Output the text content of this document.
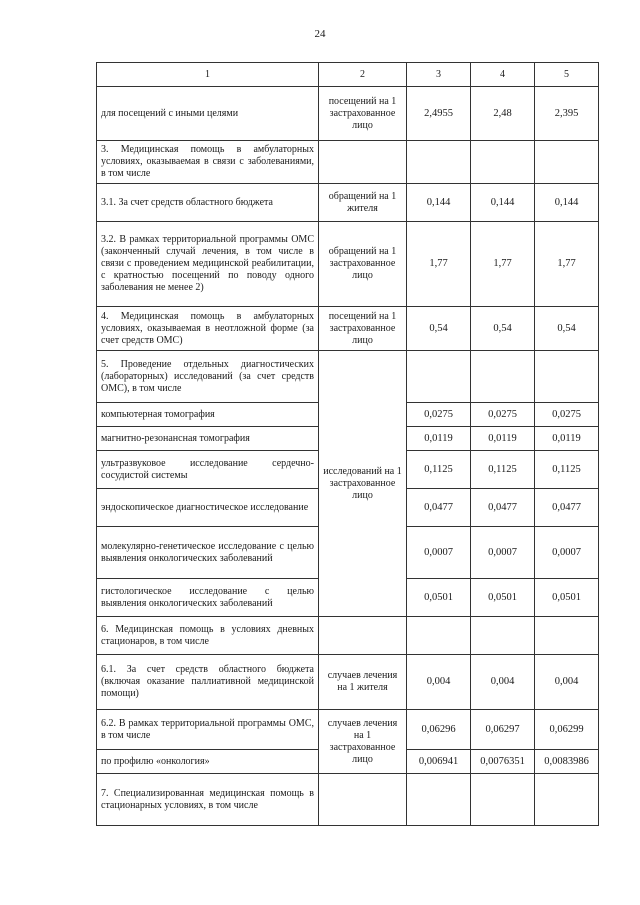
24
1	2	3	4	5
для посещений с иными целями	посещений на 1 застрахованное лицо	2,4955	2,48	2,395
3. Медицинская помощь в амбулаторных условиях, оказываемая в связи с заболеваниями, в том числе				
3.1. За счет средств областного бюджета	обращений на 1 жителя	0,144	0,144	0,144
3.2. В рамках территориальной программы ОМС (законченный случай лечения, в том числе в связи с проведением медицинской реабилитации, с кратностью посещений по поводу одного заболевания не менее 2)	обращений на 1 застрахованное лицо	1,77	1,77	1,77
4. Медицинская помощь в амбулаторных условиях, оказываемая в неотложной форме (за счет средств ОМС)	посещений на 1 застрахованное лицо	0,54	0,54	0,54
5. Проведение отдельных диагностических (лабораторных) исследований (за счет средств ОМС), в том числе	исследований на 1 застрахованное лицо			
компьютерная томография		0,0275	0,0275	0,0275
магнитно-резонансная томография		0,0119	0,0119	0,0119
ультразвуковое исследование сердечно-сосудистой системы		0,1125	0,1125	0,1125
эндоскопическое диагностическое исследование		0,0477	0,0477	0,0477
молекулярно-генетическое исследование с целью выявления онкологических заболеваний		0,0007	0,0007	0,0007
гистологическое исследование с целью выявления онкологических заболеваний		0,0501	0,0501	0,0501
6. Медицинская помощь в условиях дневных стационаров, в том числе				
6.1. За счет средств областного бюджета (включая оказание паллиативной медицинской помощи)	случаев лечения на 1 жителя	0,004	0,004	0,004
6.2. В рамках территориальной программы ОМС, в том числе	случаев лечения на 1 застрахованное лицо	0,06296	0,06297	0,06299
по профилю «онкология»		0,006941	0,0076351	0,0083986
7. Специализированная медицинская помощь в стационарных условиях, в том числе				
